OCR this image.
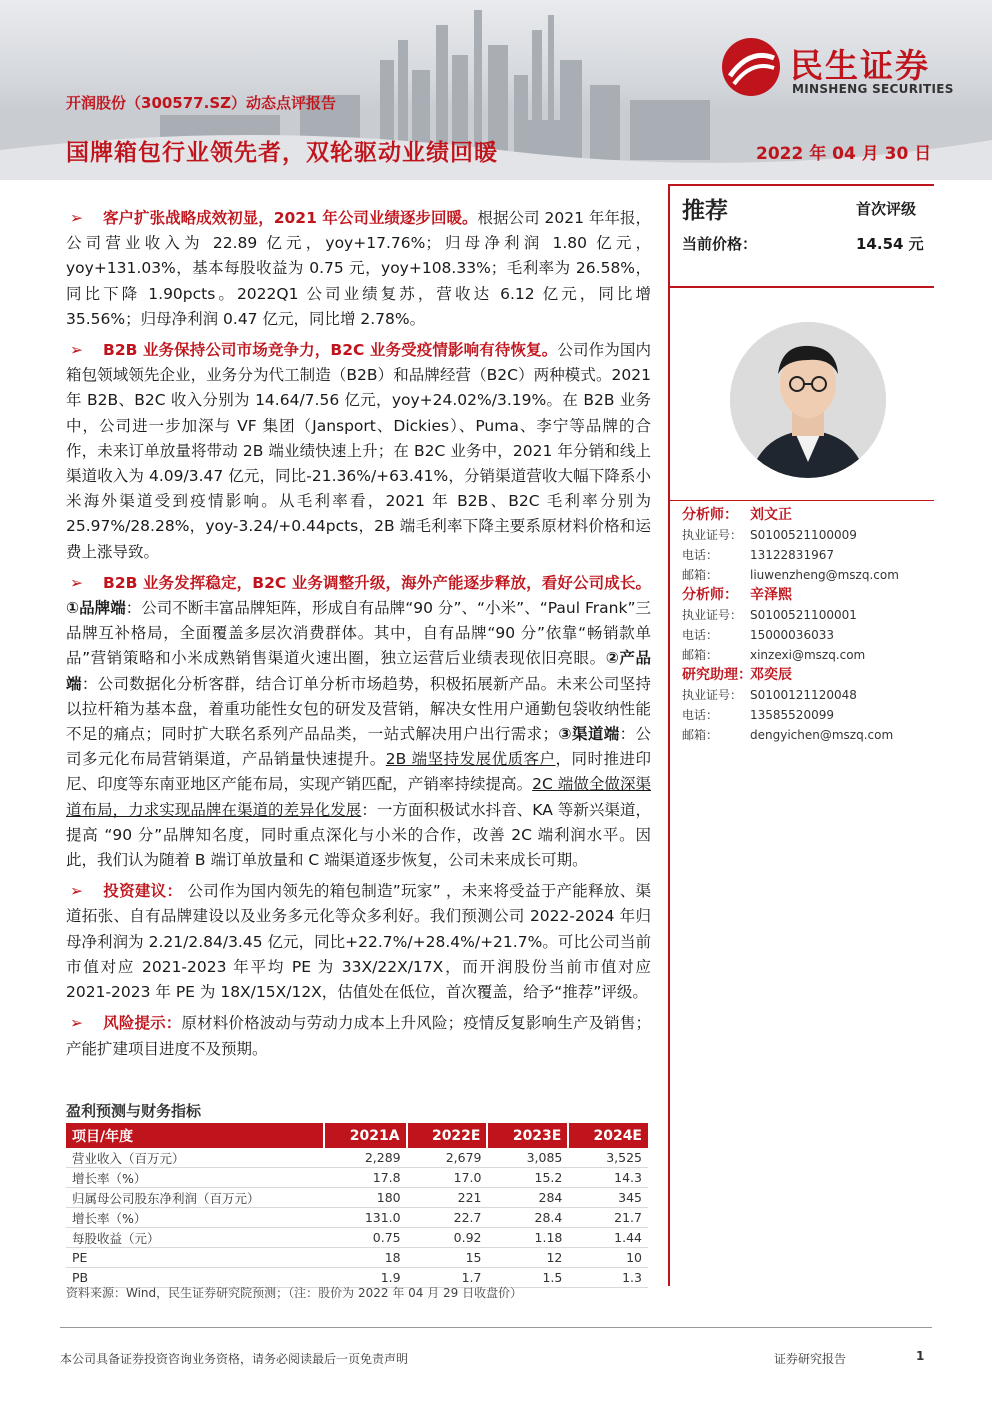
开润股份（300577.SZ）动态点评报告
国牌箱包行业领先者，双轮驱动业绩回暖	2022 年 04 月 30 日
民生证券
MINSHENG SECURITIES
推荐	首次评级
当前价格：	14.54 元
分析师： 刘文正
执业证号： S0100521100009
电话：	13122831967
邮箱：	liuwenzheng@mszq.com
分析师： 辛泽熙
执业证号： S0100521100001
电话：	15000036033
邮箱：	xinzexi@mszq.com
研究助理：
邓奕辰
执业证号： S0100121120048
电话：	13585520099
邮箱：	dengyichen@mszq.com

➢ 客户扩张战略成效初显，2021 年公司业绩逐步回暖。根据公司 2021 年年报，公司营业收入为 22.89 亿元，yoy+17.76%；归母净利润 1.80 亿元，yoy+131.03%，基本每股收益为 0.75 元，yoy+108.33%；毛利率为 26.58%，同比下降 1.90pcts。2022Q1 公司业绩复苏，营收达 6.12 亿元，同比增 35.56%；归母净利润 0.47 亿元，同比增 2.78%。

➢ B2B 业务保持公司市场竞争力，B2C 业务受疫情影响有待恢复。公司作为国内箱包领域领先企业，业务分为代工制造（B2B）和品牌经营（B2C）两种模式。2021 年 B2B、B2C 收入分别为 14.64/7.56 亿元，yoy+24.02%/3.19%。在 B2B 业务中，公司进一步加深与 VF 集团（Jansport、Dickies）、Puma、李宁等品牌的合作，未来订单放量将带动 2B 端业绩快速上升；在 B2C 业务中，2021 年分销和线上渠道收入为 4.09/3.47 亿元，同比-21.36%/+63.41%，分销渠道营收大幅下降系小米海外渠道受到疫情影响。从毛利率看，2021 年 B2B、B2C 毛利率分别为 25.97%/28.28%，yoy-3.24/+0.44pcts，2B 端毛利率下降主要系原材料价格和运费上涨导致。

➢ B2B 业务发挥稳定，B2C 业务调整升级，海外产能逐步释放，看好公司成长。①品牌端：公司不断丰富品牌矩阵，形成自有品牌“90 分”、“小米”、“Paul Frank”三品牌互补格局，全面覆盖多层次消费群体。其中，自有品牌“90 分”依靠“畅销款单品”营销策略和小米成熟销售渠道火速出圈，独立运营后业绩表现依旧亮眼。②产品端：公司数据化分析客群，结合订单分析市场趋势，积极拓展新产品。未来公司坚持以拉杆箱为基本盘，着重功能性女包的研发及营销，解决女性用户通勤包袋收纳性能不足的痛点；同时扩大联名系列产品品类，一站式解决用户出行需求；③渠道端：公司多元化布局营销渠道，产品销量快速提升。2B 端坚持发展优质客户，同时推进印尼、印度等东南亚地区产能布局，实现产销匹配，产销率持续提高。2C 端做全做深渠道布局，力求实现品牌在渠道的差异化发展：一方面积极试水抖音、KA 等新兴渠道，提高 “90 分”品牌知名度，同时重点深化与小米的合作，改善 2C 端利润水平。因此，我们认为随着 B 端订单放量和 C 端渠道逐步恢复，公司未来成长可期。

➢ 投资建议： 公司作为国内领先的箱包制造”玩家” ，未来将受益于产能释放、渠道拓张、自有品牌建设以及业务多元化等众多利好。我们预测公司 2022-2024 年归母净利润为 2.21/2.84/3.45 亿元，同比+22.7%/+28.4%/+21.7%。可比公司当前市值对应 2021-2023 年平均 PE 为 33X/22X/17X，而开润股份当前市值对应 2021-2023 年 PE 为 18X/15X/12X，估值处在低位，首次覆盖，给予“推荐”评级。

➢ 风险提示：原材料价格波动与劳动力成本上升风险；疫情反复影响生产及销售；产能扩建项目进度不及预期。

盈利预测与财务指标
项目/年度	2021A	2022E	2023E	2024E
营业收入（百万元）	2,289	2,679	3,085	3,525
增长率（%）	17.8	17.0	15.2	14.3
归属母公司股东净利润（百万元）	180	221	284	345
增长率（%）	131.0	22.7	28.4	21.7
每股收益（元）	0.75	0.92	1.18	1.44
PE	18	15	12	10
PB	1.9	1.7	1.5	1.3
资料来源：Wind，民生证券研究院预测；（注：股价为 2022 年 04 月 29 日收盘价）
本公司具备证券投资咨询业务资格，请务必阅读最后一页免责声明	证券研究报告	1
